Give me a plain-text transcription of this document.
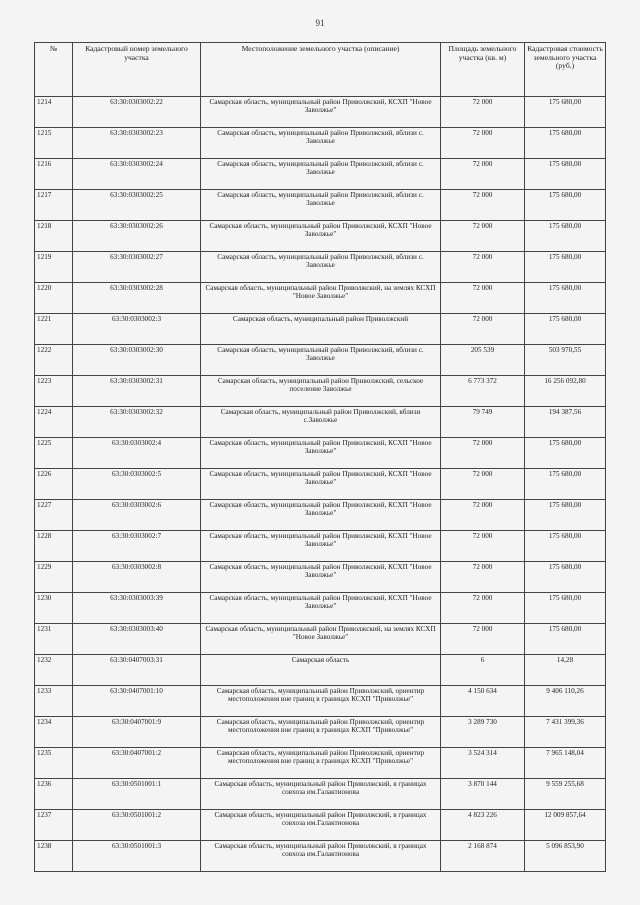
91
№	Кадастровый номер земельного участка	Местоположение земельного участка (описание)	Площадь земельного участка (кв. м)	Кадастровая стоимость земельного участка (руб.)
1214	63:30:0303002:22	Самарская область, муниципальный район Приволжский, КСХП "Новое Заволжье"	72 000	175 680,00
1215	63:30:0303002:23	Самарская область, муниципальный район Приволжский, вблизи с. Заволжье	72 000	175 680,00
1216	63:30:0303002:24	Самарская область, муниципальный район Приволжский, вблизи с. Заволжье	72 000	175 680,00
1217	63:30:0303002:25	Самарская область, муниципальный район Приволжский, вблизи с. Заволжье	72 000	175 680,00
1218	63:30:0303002:26	Самарская область, муниципальный район Приволжский, КСХП "Новое Заволжье"	72 000	175 680,00
1219	63:30:0303002:27	Самарская область, муниципальный район Приволжский, вблизи с. Заволжье	72 000	175 680,00
1220	63:30:0303002:28	Самарская область, муниципальный район Приволжский, на землях КСХП "Новое Заволжье"	72 000	175 680,00
1221	63:30:0303002:3	Самарская область, муниципальный район Приволжский	72 000	175 680,00
1222	63:30:0303002:30	Самарская область, муниципальный район Приволжский, вблизи с. Заволжье	205 539	503 970,55
1223	63:30:0303002:31	Самарская область, муниципальный район Приволжский, сельское поселение Заволжье	6 773 372	16 256 092,80
1224	63:30:0303002:32	Самарская область, муниципальный район Приволжский, вблизи с.Заволжье	79 749	194 387,56
1225	63:30:0303002:4	Самарская область, муниципальный район Приволжский, КСХП "Новое Заволжье"	72 000	175 680,00
1226	63:30:0303002:5	Самарская область, муниципальный район Приволжский, КСХП "Новое Заволжье"	72 000	175 680,00
1227	63:30:0303002:6	Самарская область, муниципальный район Приволжский, КСХП "Новое Заволжье"	72 000	175 680,00
1228	63:30:0303002:7	Самарская область, муниципальный район Приволжский, КСХП "Новое Заволжье"	72 000	175 680,00
1229	63:30:0303002:8	Самарская область, муниципальный район Приволжский, КСХП "Новое Заволжье"	72 000	175 680,00
1230	63:30:0303003:39	Самарская область, муниципальный район Приволжский, КСХП "Новое Заволжье"	72 000	175 680,00
1231	63:30:0303003:40	Самарская область, муниципальный район Приволжский, на землях КСХП "Новое Заволжье"	72 000	175 680,00
1232	63:30:0407003:31	Самарская область	6	14,28
1233	63:30:0407001:10	Самарская область, муниципальный район Приволжский, ориентир местоположения вне границ в границах КСХП "Приволжье"	4 150 634	9 406 110,26
1234	63:30:0407001:9	Самарская область, муниципальный район Приволжский, ориентир местоположения вне границ в границах КСХП "Приволжье"	3 289 730	7 431 399,36
1235	63:30:0407001:2	Самарская область, муниципальный район Приволжский, ориентир местоположения вне границ в границах КСХП "Приволжье"	3 524 314	7 965 148,04
1236	63:30:0501001:1	Самарская область, муниципальный район Приволжский, в границах совхоза им.Галактионова	3 870 144	9 559 255,68
1237	63:30:0501001:2	Самарская область, муниципальный район Приволжский, в границах совхоза им.Галактионова	4 823 226	12 009 857,64
1238	63:30:0501001:3	Самарская область, муниципальный район Приволжский, в границах совхоза им.Галактионова	2 168 874	5 096 853,90
